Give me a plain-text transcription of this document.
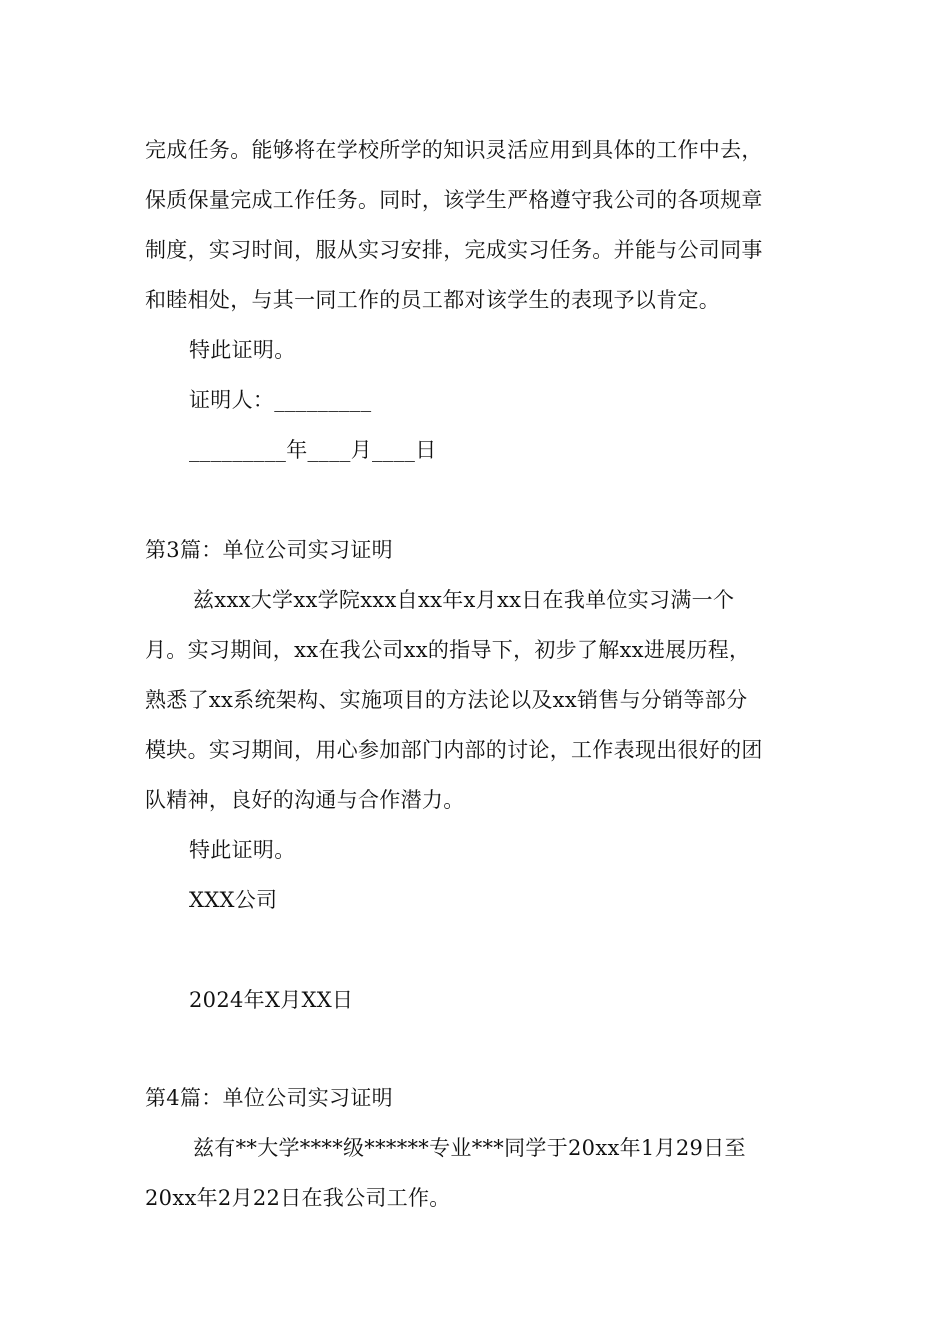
完成任务。能够将在学校所学的知识灵活应用到具体的工作中去，
保质保量完成工作任务。同时，该学生严格遵守我公司的各项规章
制度，实习时间，服从实习安排，完成实习任务。并能与公司同事
和睦相处，与其一同工作的员工都对该学生的表现予以肯定。
特此证明。
证明人：_________
_________年____月____日
第3篇：单位公司实习证明
兹xxx大学xx学院xxx自xx年x月xx日在我单位实习满一个
月。实习期间，xx在我公司xx的指导下，初步了解xx进展历程，
熟悉了xx系统架构、实施项目的方法论以及xx销售与分销等部分
模块。实习期间，用心参加部门内部的讨论，工作表现出很好的团
队精神，良好的沟通与合作潜力。
特此证明。
XXX公司
2024年X月XX日
第4篇：单位公司实习证明
兹有**大学****级******专业***同学于20xx年1月29日至
20xx年2月22日在我公司工作。
